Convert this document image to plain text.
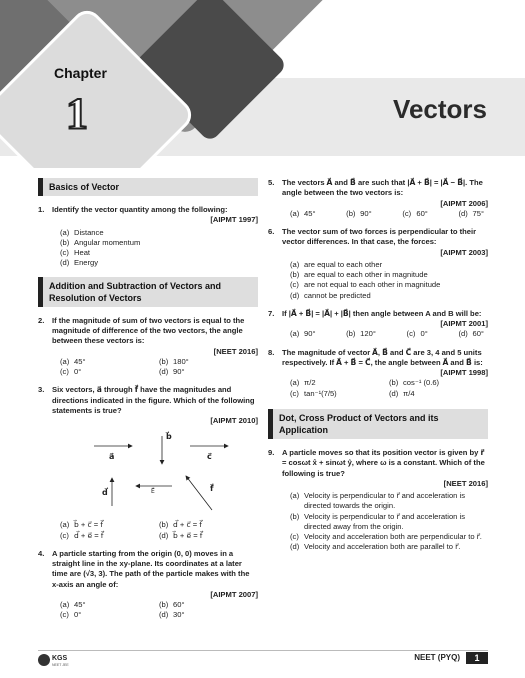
Chapter
1	Vectors
Basics of Vector
1.	Identify the vector quantity among the following:
[AIPMT 1997]
(a) Distance
(b) Angular momentum
(c) Heat
(d) Energy
Addition and Subtraction of Vectors and Resolution of Vectors
2.	If the magnitude of sum of two vectors is equal to the magnitude of difference of the two vectors, the angle between these vectors is:
[NEET 2016]
(a) 45°	(b) 180°
(c) 0°	(d) 90°
3.	Six vectors, a⃗ through f⃗ have the magnitudes and directions indicated in the figure. Which of the following statements is true?
[AIPMT 2010]
a⃗
b⃗
c⃗
d⃗	E⃗	f⃗
(a) b⃗ + c⃗ = f⃗	(b) d⃗ + c⃗ = f⃗
(c) d⃗ + e⃗ = f⃗	(d) b⃗ + e⃗ = f⃗
4.	A particle starting from the origin (0, 0) moves in a straight line in the xy-plane. Its coordinates at a later time are (√3, 3). The path of the particle makes with the x-axis an angle of:
[AIPMT 2007]
(a) 45°	(b) 60°
(c) 0°	(d) 30°
5.	The vectors A⃗ and B⃗ are such that |A⃗ + B⃗| = |A⃗ − B⃗|. The angle between the two vectors is:
[AIPMT 2006]
(a) 45°	(b) 90°	(c) 60°	(d) 75°
6.	The vector sum of two forces is perpendicular to their vector differences. In that case, the forces:
[AIPMT 2003]
(a) are equal to each other
(b) are equal to each other in magnitude
(c) are not equal to each other in magnitude
(d) cannot be predicted
7.	If |A⃗ + B⃗| = |A⃗| + |B⃗| then angle between A and B will be:
[AIPMT 2001]
(a) 90°	(b) 120°	(c) 0°	(d) 60°
8.	The magnitude of vector A⃗, B⃗ and C⃗ are 3, 4 and 5 units respectively. If A⃗ + B⃗ = C⃗, the angle between A⃗ and B⃗ is:
[AIPMT 1998]
(a) π/2	(b) cos⁻¹ (0.6)
(c) tan⁻¹(7/5)	(d) π/4
Dot, Cross Product of Vectors and its Application
9.	A particle moves so that its position vector is given by r⃗ = cosωt x̂ + sinωt ŷ, where ω is a constant. Which of the following is true?
[NEET 2016]
(a) Velocity is perpendicular to r⃗ and acceleration is directed towards the origin.
(b) Velocity is perpendicular to r⃗ and acceleration is directed away from the origin.
(c) Velocity and acceleration both are perpendicular to r⃗.
(d) Velocity and acceleration both are parallel to r⃗.
KGS
NEET JEE
NEET (PYQ)	1
